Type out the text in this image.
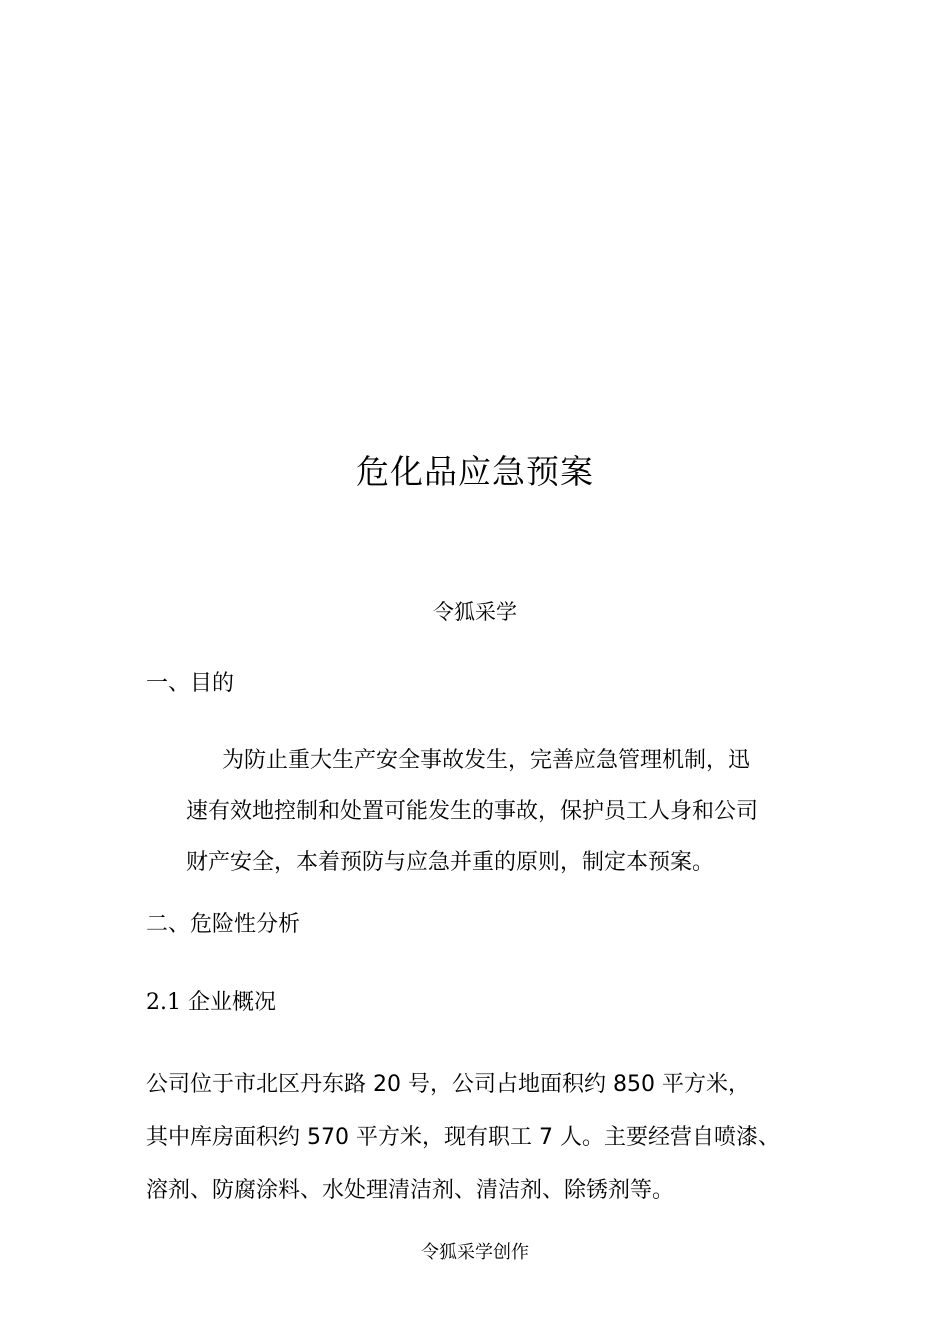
危化品应急预案
令狐采学
一、目的
为防止重大生产安全事故发生，完善应急管理机制，迅
速有效地控制和处置可能发生的事故，保护员工人身和公司
财产安全，本着预防与应急并重的原则，制定本预案。
二、危险性分析
2.1 企业概况
公司位于市北区丹东路 20 号，公司占地面积约 850 平方米，
其中库房面积约 570 平方米，现有职工 7 人。主要经营自喷漆、
溶剂、防腐涂料、水处理清洁剂、清洁剂、除锈剂等。
令狐采学创作
